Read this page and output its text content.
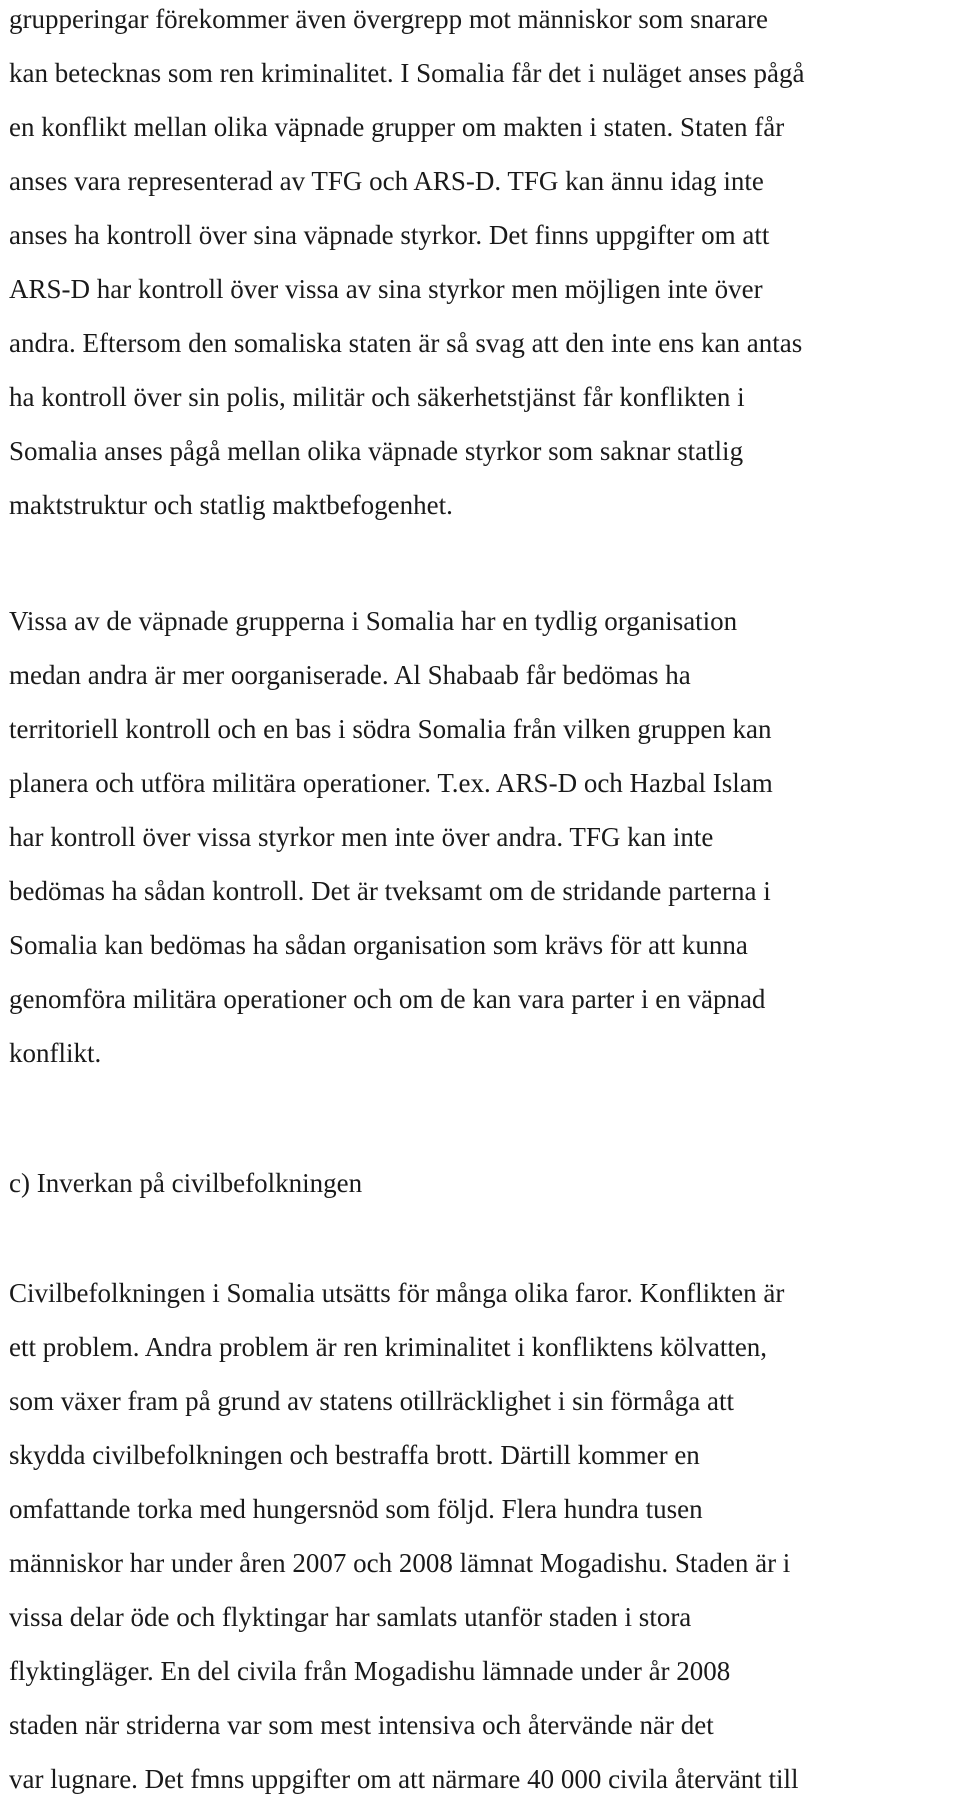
grupperingar förekommer även övergrepp mot människor som snarare
kan betecknas som ren kriminalitet. I Somalia får det i nuläget anses pågå
en konflikt mellan olika väpnade grupper om makten i staten. Staten får
anses vara representerad av TFG och ARS-D. TFG kan ännu idag inte
anses ha kontroll över sina väpnade styrkor. Det finns uppgifter om att
ARS-D har kontroll över vissa av sina styrkor men möjligen inte över
andra. Eftersom den somaliska staten är så svag att den inte ens kan antas
ha kontroll över sin polis, militär och säkerhetstjänst får konflikten i
Somalia anses pågå mellan olika väpnade styrkor som saknar statlig
maktstruktur och statlig maktbefogenhet.
Vissa av de väpnade grupperna i Somalia har en tydlig organisation
medan andra är mer oorganiserade. Al Shabaab får bedömas ha
territoriell kontroll och en bas i södra Somalia från vilken gruppen kan
planera och utföra militära operationer. T.ex. ARS-D och Hazbal Islam
har kontroll över vissa styrkor men inte över andra. TFG kan inte
bedömas ha sådan kontroll. Det är tveksamt om de stridande parterna i
Somalia kan bedömas ha sådan organisation som krävs för att kunna
genomföra militära operationer och om de kan vara parter i en väpnad
konflikt.
c) Inverkan på civilbefolkningen
Civilbefolkningen i Somalia utsätts för många olika faror. Konflikten är
ett problem. Andra problem är ren kriminalitet i konfliktens kölvatten,
som växer fram på grund av statens otillräcklighet i sin förmåga att
skydda civilbefolkningen och bestraffa brott. Därtill kommer en
omfattande torka med hungersnöd som följd. Flera hundra tusen
människor har under åren 2007 och 2008 lämnat Mogadishu. Staden är i
vissa delar öde och flyktingar har samlats utanför staden i stora
flyktingläger. En del civila från Mogadishu lämnade under år 2008
staden när striderna var som mest intensiva och återvände när det
var lugnare. Det fmns uppgifter om att närmare 40 000 civila återvänt till
